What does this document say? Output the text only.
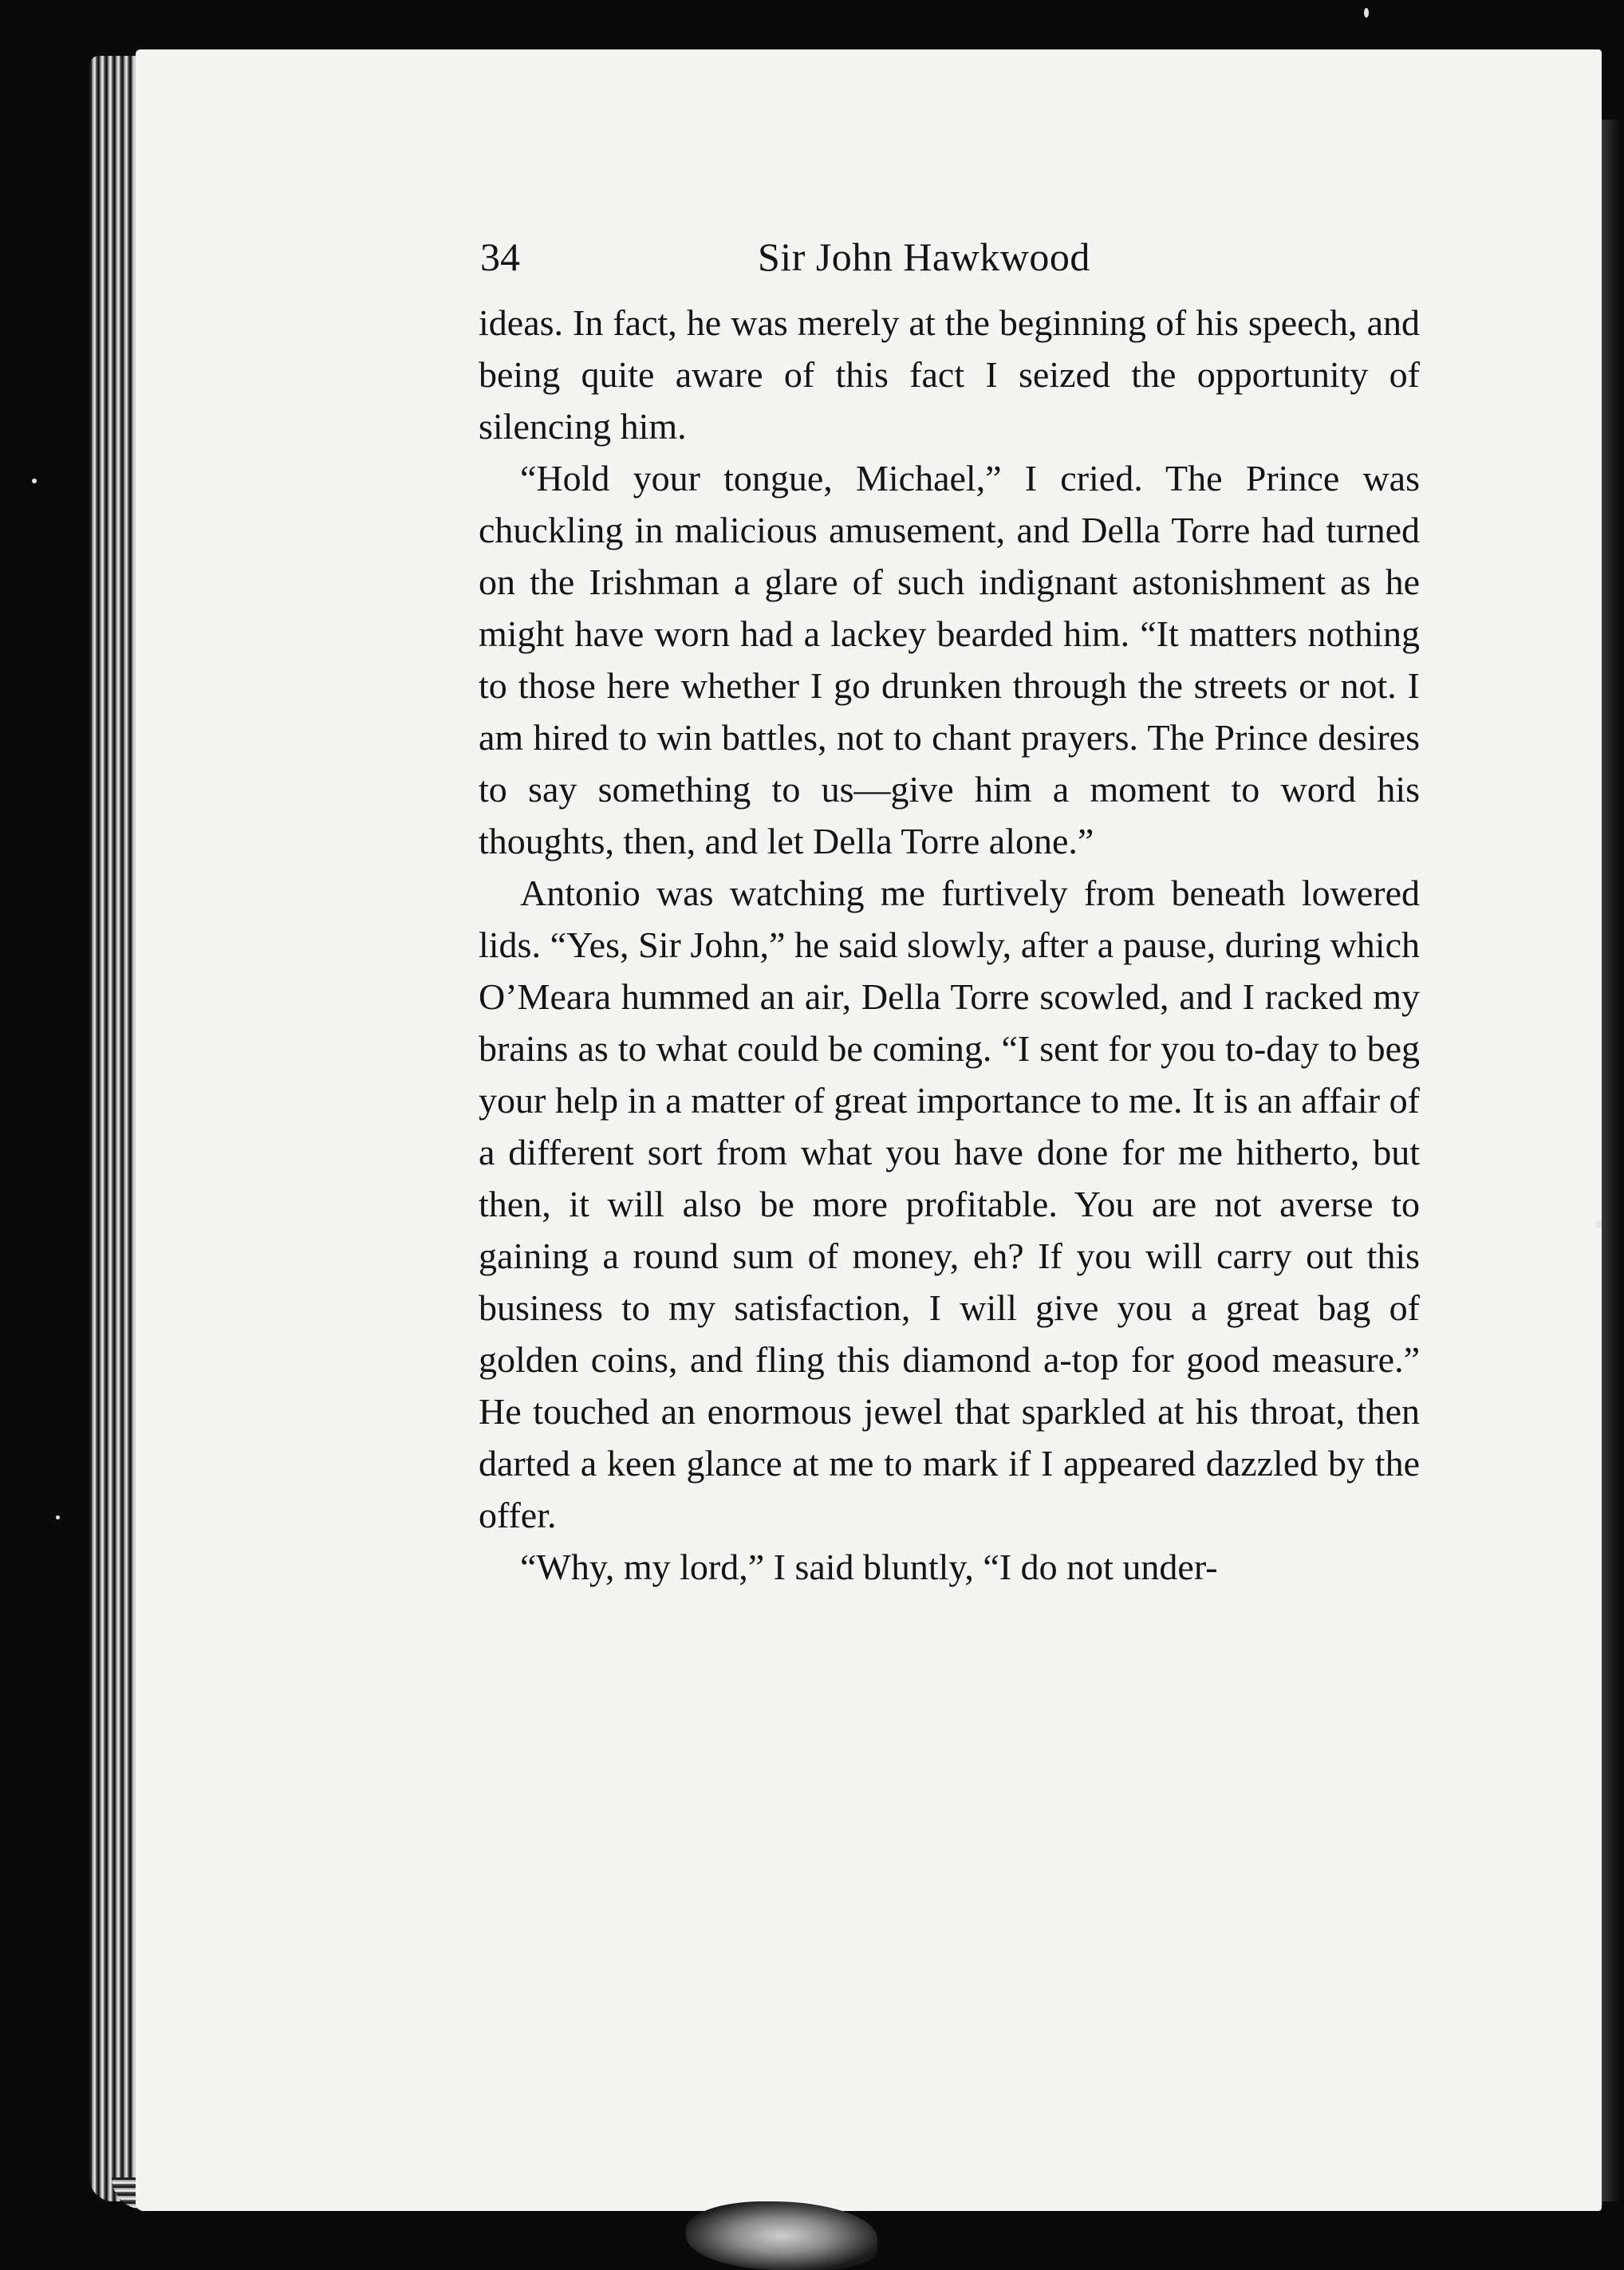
34	Sir John Hawkwood

ideas. In fact, he was merely at the beginning of his speech, and being quite aware of this fact I seized the opportunity of silencing him.

“Hold your tongue, Michael,” I cried. The Prince was chuckling in malicious amusement, and Della Torre had turned on the Irishman a glare of such indignant astonishment as he might have worn had a lackey bearded him. “It matters nothing to those here whether I go drunken through the streets or not. I am hired to win battles, not to chant prayers. The Prince desires to say something to us—give him a moment to word his thoughts, then, and let Della Torre alone.”

Antonio was watching me furtively from beneath lowered lids. “Yes, Sir John,” he said slowly, after a pause, during which O’Meara hummed an air, Della Torre scowled, and I racked my brains as to what could be coming. “I sent for you to-day to beg your help in a matter of great importance to me. It is an affair of a different sort from what you have done for me hitherto, but then, it will also be more profitable. You are not averse to gaining a round sum of money, eh? If you will carry out this business to my satisfaction, I will give you a great bag of golden coins, and fling this diamond a-top for good measure.” He touched an enormous jewel that sparkled at his throat, then darted a keen glance at me to mark if I appeared dazzled by the offer.

“Why, my lord,” I said bluntly, “I do not under-
